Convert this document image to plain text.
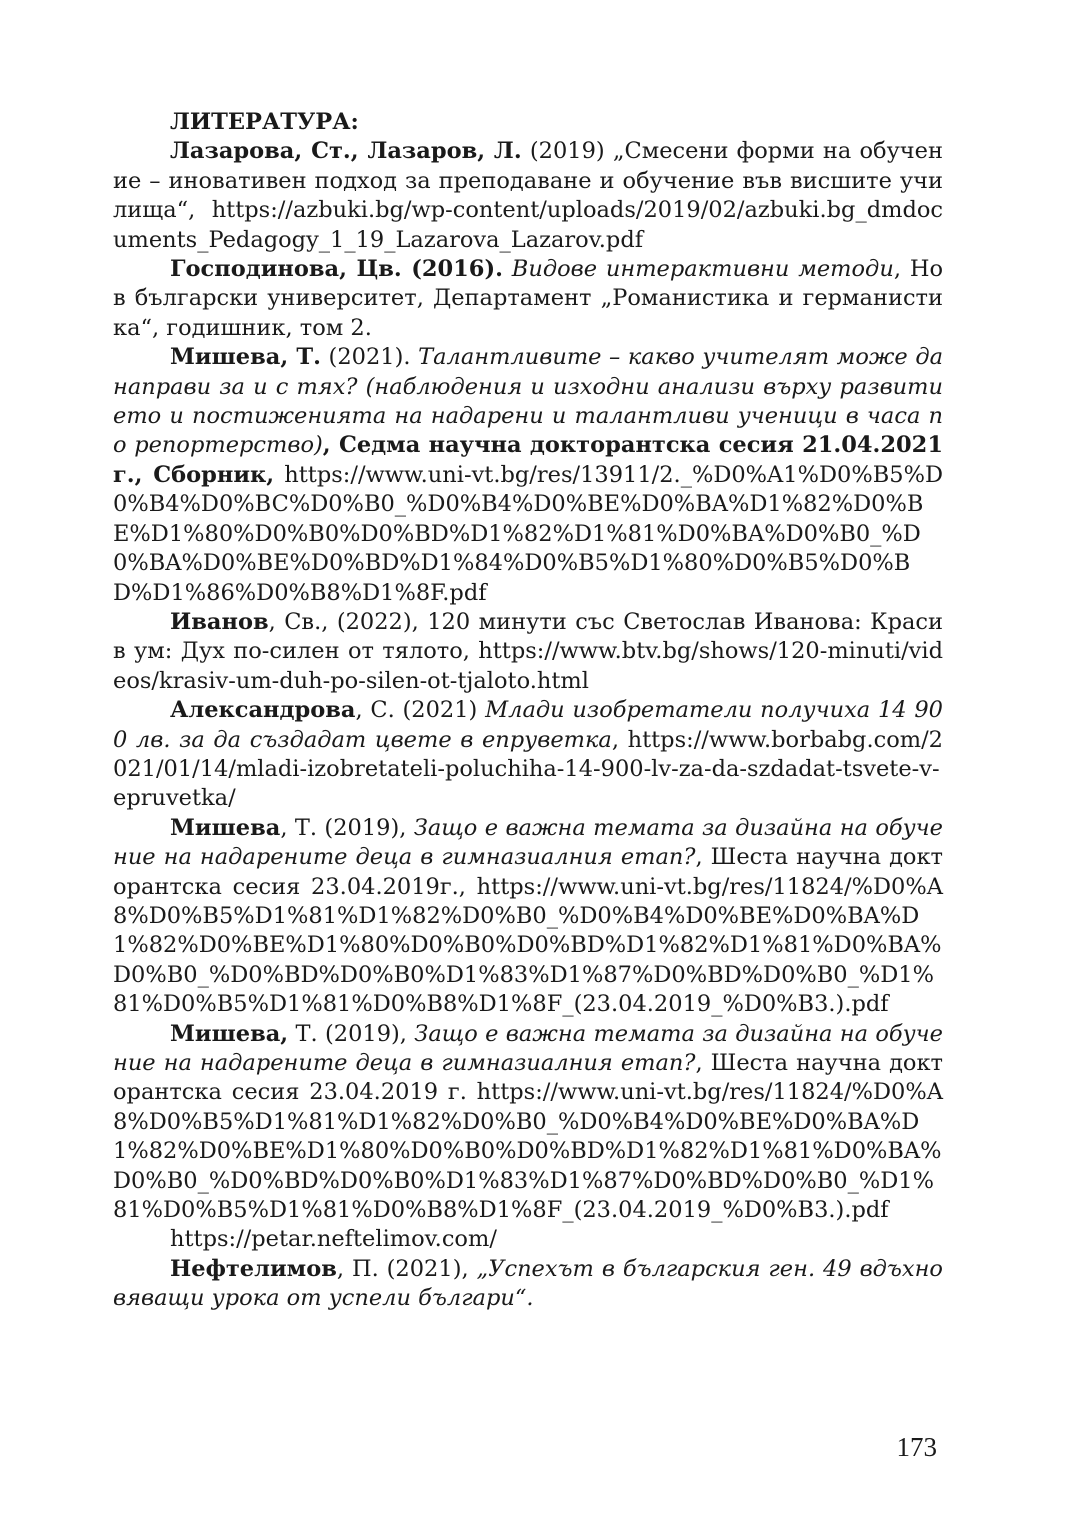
ЛИТЕРАТУРА:

Лазарова, Ст., Лазаров, Л. (2019) „Смесени форми на обучение – иновативен подход за преподаване и обучение във висшите училища“, https://azbuki.bg/wp-content/uploads/2019/02/azbuki.bg_dmdocuments_Pedagogy_1_19_Lazarova_Lazarov.pdf

Господинова, Цв. (2016). Видове интерактивни методи, Нов български университет, Департамент „Романистика и германистика“, годишник, том 2.

Мишева, Т. (2021). Талантливите – какво учителят може да направи за и с тях? (наблюдения и изходни анализи върху развитието и постиженията на надарени и талантливи ученици в часа по репортерство), Седма научна докторантска сесия 21.04.2021 г., Сборник, https://www.uni-vt.bg/res/13911/2._%D0%A1%D0%B5%D0%B4%D0%BC%D0%B0_%D0%B4%D0%BE%D0%BA%D1%82%D0%BE%D1%80%D0%B0%D0%BD%D1%82%D1%81%D0%BA%D0%B0_%D0%BA%D0%BE%D0%BD%D1%84%D0%B5%D1%80%D0%B5%D0%BD%D1%86%D0%B8%D1%8F.pdf

Иванов, Св., (2022), 120 минути със Светослав Иванова: Красив ум: Дух по-силен от тялото, https://www.btv.bg/shows/120-minuti/videos/krasiv-um-duh-po-silen-ot-tjaloto.html

Александрова, С. (2021) Млади изобретатели получиха 14 900 лв. за да създадат цвете в епруветка, https://www.borbabg.com/2021/01/14/mladi-izobretateli-poluchiha-14-900-lv-za-da-szdadat-tsvete-v-epruvetka/

Мишева, Т. (2019), Защо е важна темата за дизайна на обучение на надарените деца в гимназиалния етап?, Шеста научна докторантска сесия 23.04.2019г., https://www.uni-vt.bg/res/11824/%D0%A8%D0%B5%D1%81%D1%82%D0%B0_%D0%B4%D0%BE%D0%BA%D1%82%D0%BE%D1%80%D0%B0%D0%BD%D1%82%D1%81%D0%BA%D0%B0_%D0%BD%D0%B0%D1%83%D1%87%D0%BD%D0%B0_%D1%81%D0%B5%D1%81%D0%B8%D1%8F_(23.04.2019_%D0%B3.).pdf

Мишева, Т. (2019), Защо е важна темата за дизайна на обучение на надарените деца в гимназиалния етап?, Шеста научна докторантска сесия 23.04.2019 г. https://www.uni-vt.bg/res/11824/%D0%A8%D0%B5%D1%81%D1%82%D0%B0_%D0%B4%D0%BE%D0%BA%D1%82%D0%BE%D1%80%D0%B0%D0%BD%D1%82%D1%81%D0%BA%D0%B0_%D0%BD%D0%B0%D1%83%D1%87%D0%BD%D0%B0_%D1%81%D0%B5%D1%81%D0%B8%D1%8F_(23.04.2019_%D0%B3.).pdf

https://petar.neftelimov.com/

Нефтелимов, П. (2021), „Успехът в българския ген. 49 вдъхновяващи урока от успели българи“.

173
